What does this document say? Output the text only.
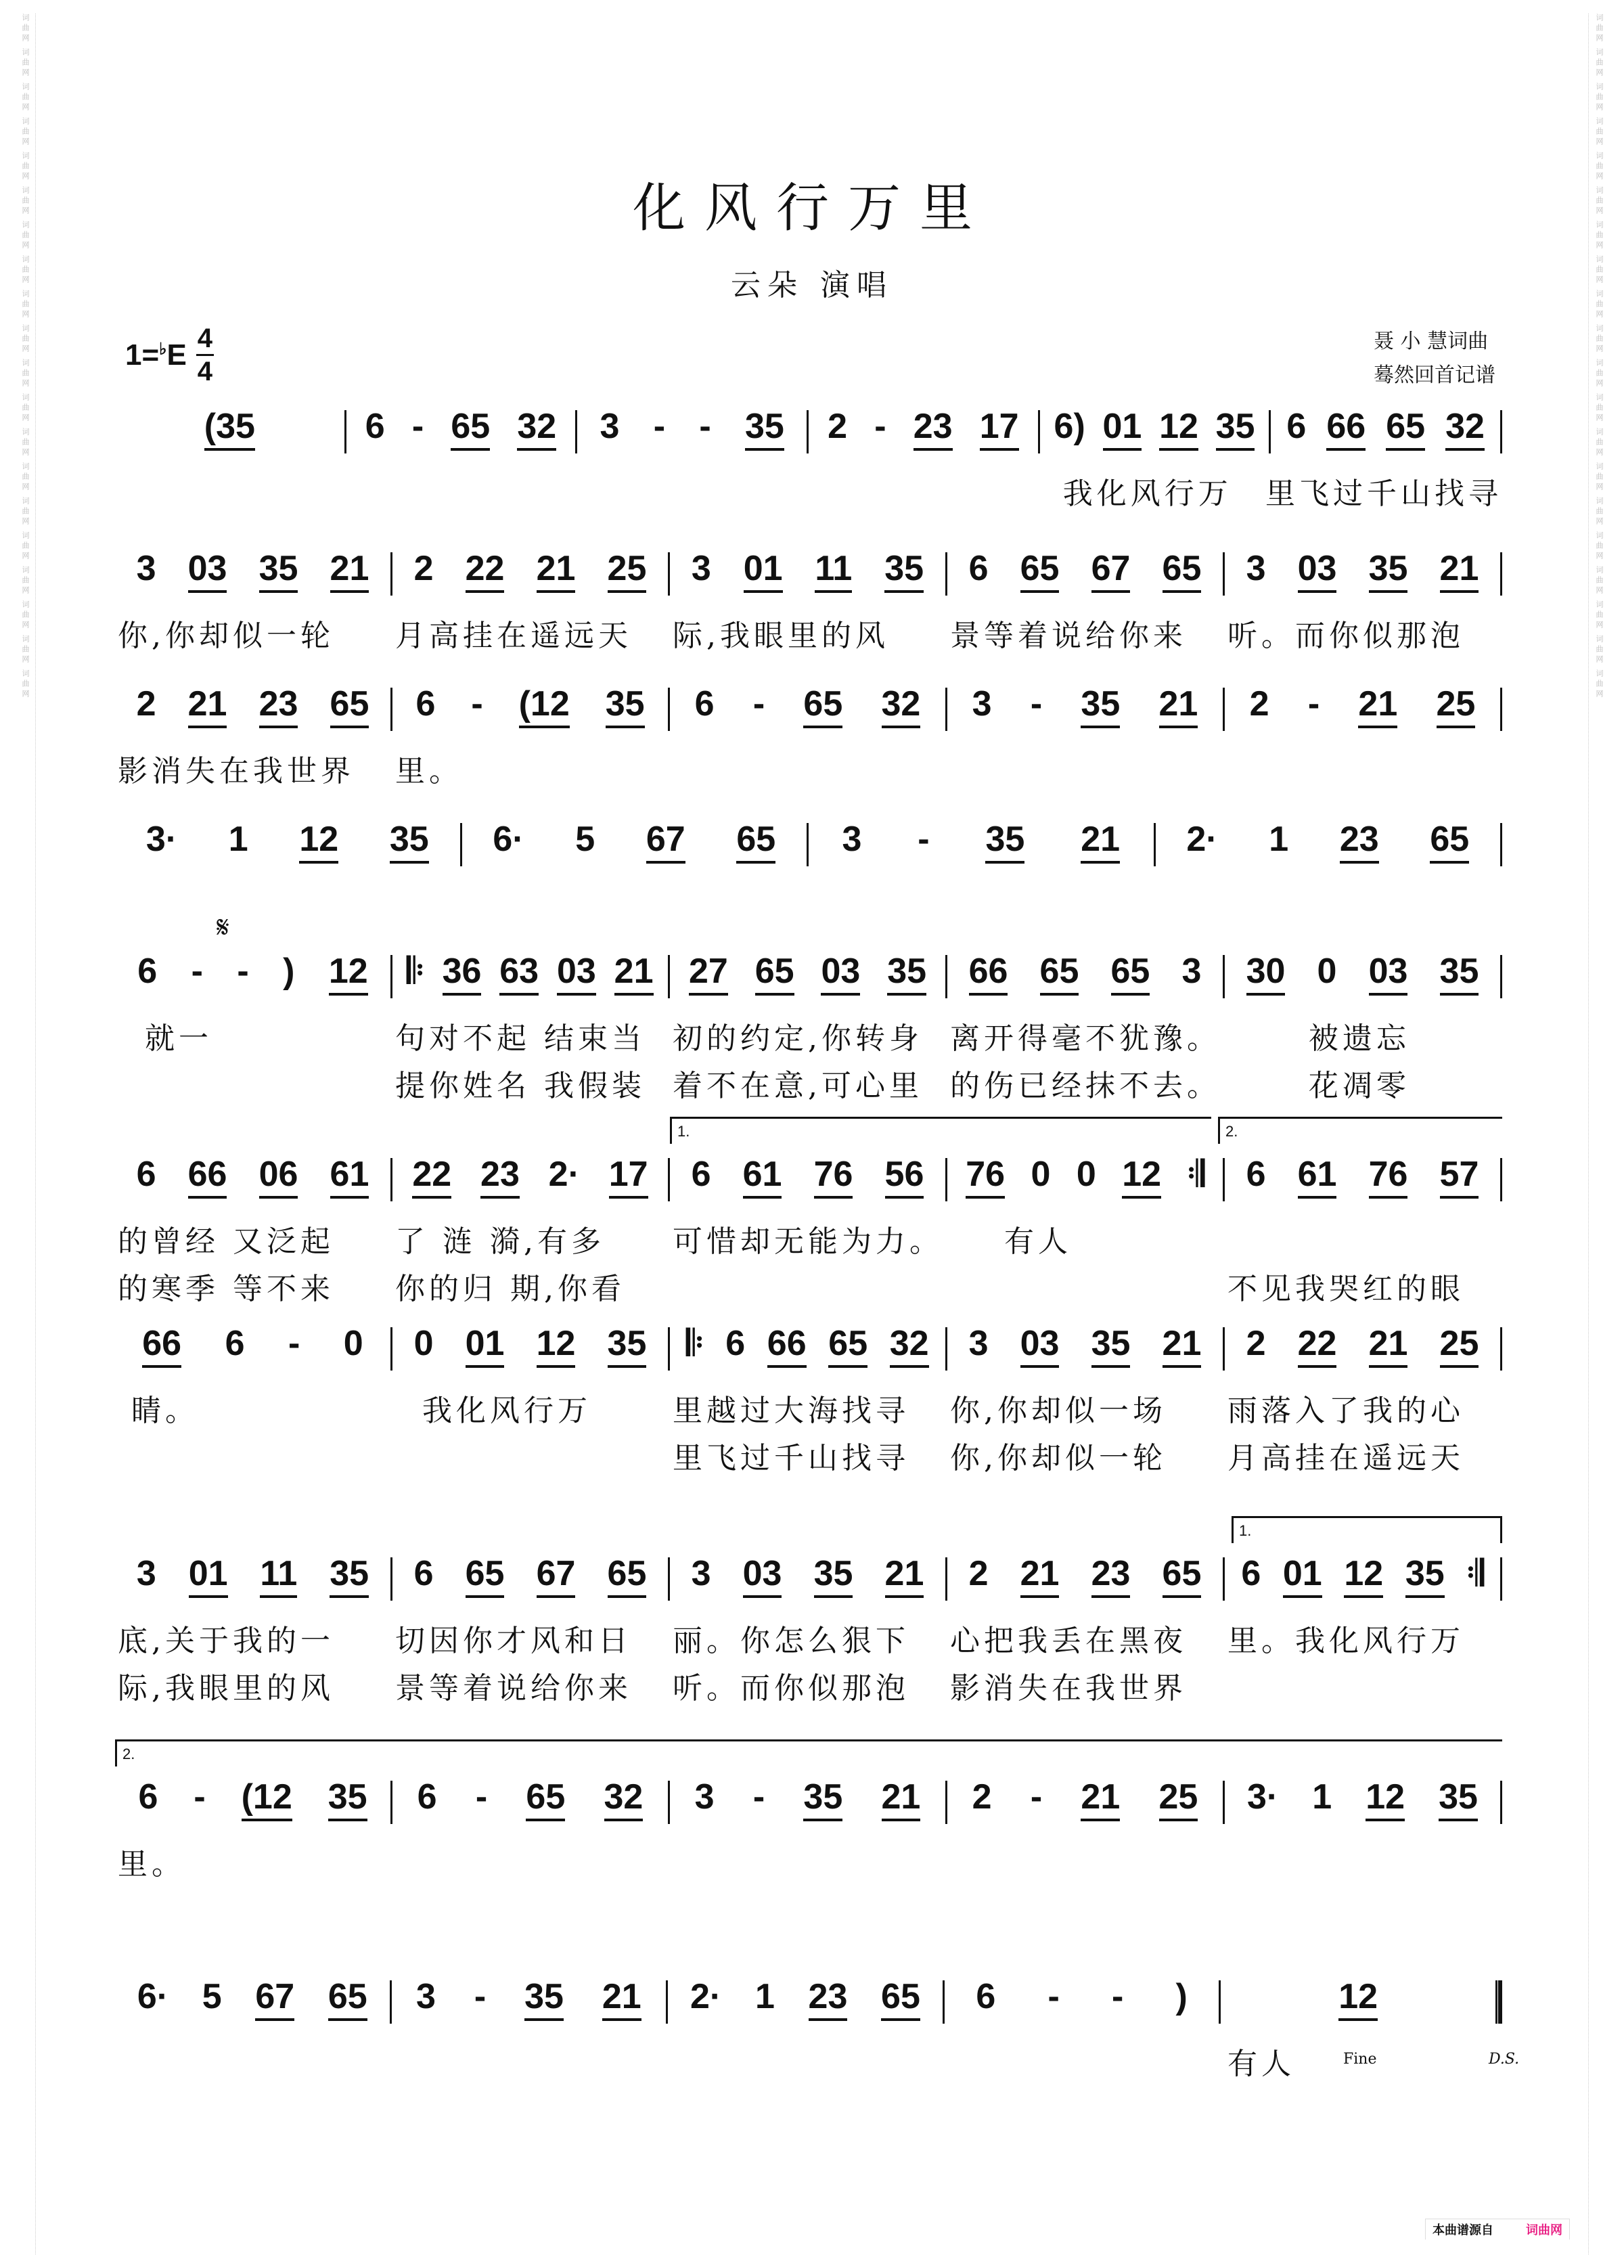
词曲网
词曲网
词曲网
词曲网
词曲网
词曲网
词曲网
词曲网
词曲网
词曲网
词曲网
词曲网
词曲网
词曲网
词曲网
词曲网
词曲网
词曲网
词曲网
词曲网
词曲网
词曲网
词曲网
词曲网
词曲网
词曲网
词曲网
词曲网
词曲网
词曲网
词曲网
词曲网
词曲网
词曲网
词曲网
词曲网
词曲网
词曲网
词曲网
词曲网
化风行万里
云朵 演唱
1=♭E 4
4
聂 小 慧词曲
蓦然回首记谱
(35	6 - 65 32 3 - - 35 2 - 23 17 6) 01 12 35 6 66 65 32
我化风行万	里飞过千山找寻
3 03 35 21 2 22 21 25 3 01 11 35 6 65 67 65 3 03 35 21
你,你却似一轮	月高挂在遥远天	际,我眼里的风	景等着说给你来	听。而你似那泡
2 21 23 65 6 - (12 35 6 - 65 32 3 - 35 21 2 - 21 25
影消失在我世界	里。
3· 1 12 35 6· 5 67 65 3 - 35 21 2· 1 23 65
6 - - ) 12 𝄆 36 63 03 21 27 65 03 35 66 65 65 3 30 0 03 35
就一	句对不起 结束当 初的约定,你转身 离开得毫不犹豫。 被遗忘
提你姓名 我假装 着不在意,可心里 的伤已经抹不去。 花凋零
𝄋
6 66 06 61 22 23 2· 17 6 61 76 56 76 0 0 12 𝄇 6 61 76 57
的曾经 又泛起	了 涟 漪,有多	可惜却无能为力。 有人
的寒季 等不来	你的归 期,你看	不见我哭红的眼
1.	2.
66 6 - 0 0 01 12 35 𝄆 6 66 65 32 3 03 35 21 2 22 21 25
睛。	我化风行万	里越过大海找寻	你,你却似一场	雨落入了我的心
里飞过千山找寻	你,你却似一轮	月高挂在遥远天
3 01 11 35 6 65 67 65 3 03 35 21 2 21 23 65 6 01 12 35 𝄇
底,关于我的一	切因你才风和日	丽。你怎么狠下	心把我丢在黑夜	里。我化风行万
际,我眼里的风	景等着说给你来	听。而你似那泡	影消失在我世界
1.
6 - (12 35 6 - 65 32 3 - 35 21 2 - 21 25 3· 1 12 35
里。
2.
6· 5 67 65 3 - 35 21 2· 1 23 65 6 - - )	12
有人	Fine	D.S.
本曲谱源自	词曲网
